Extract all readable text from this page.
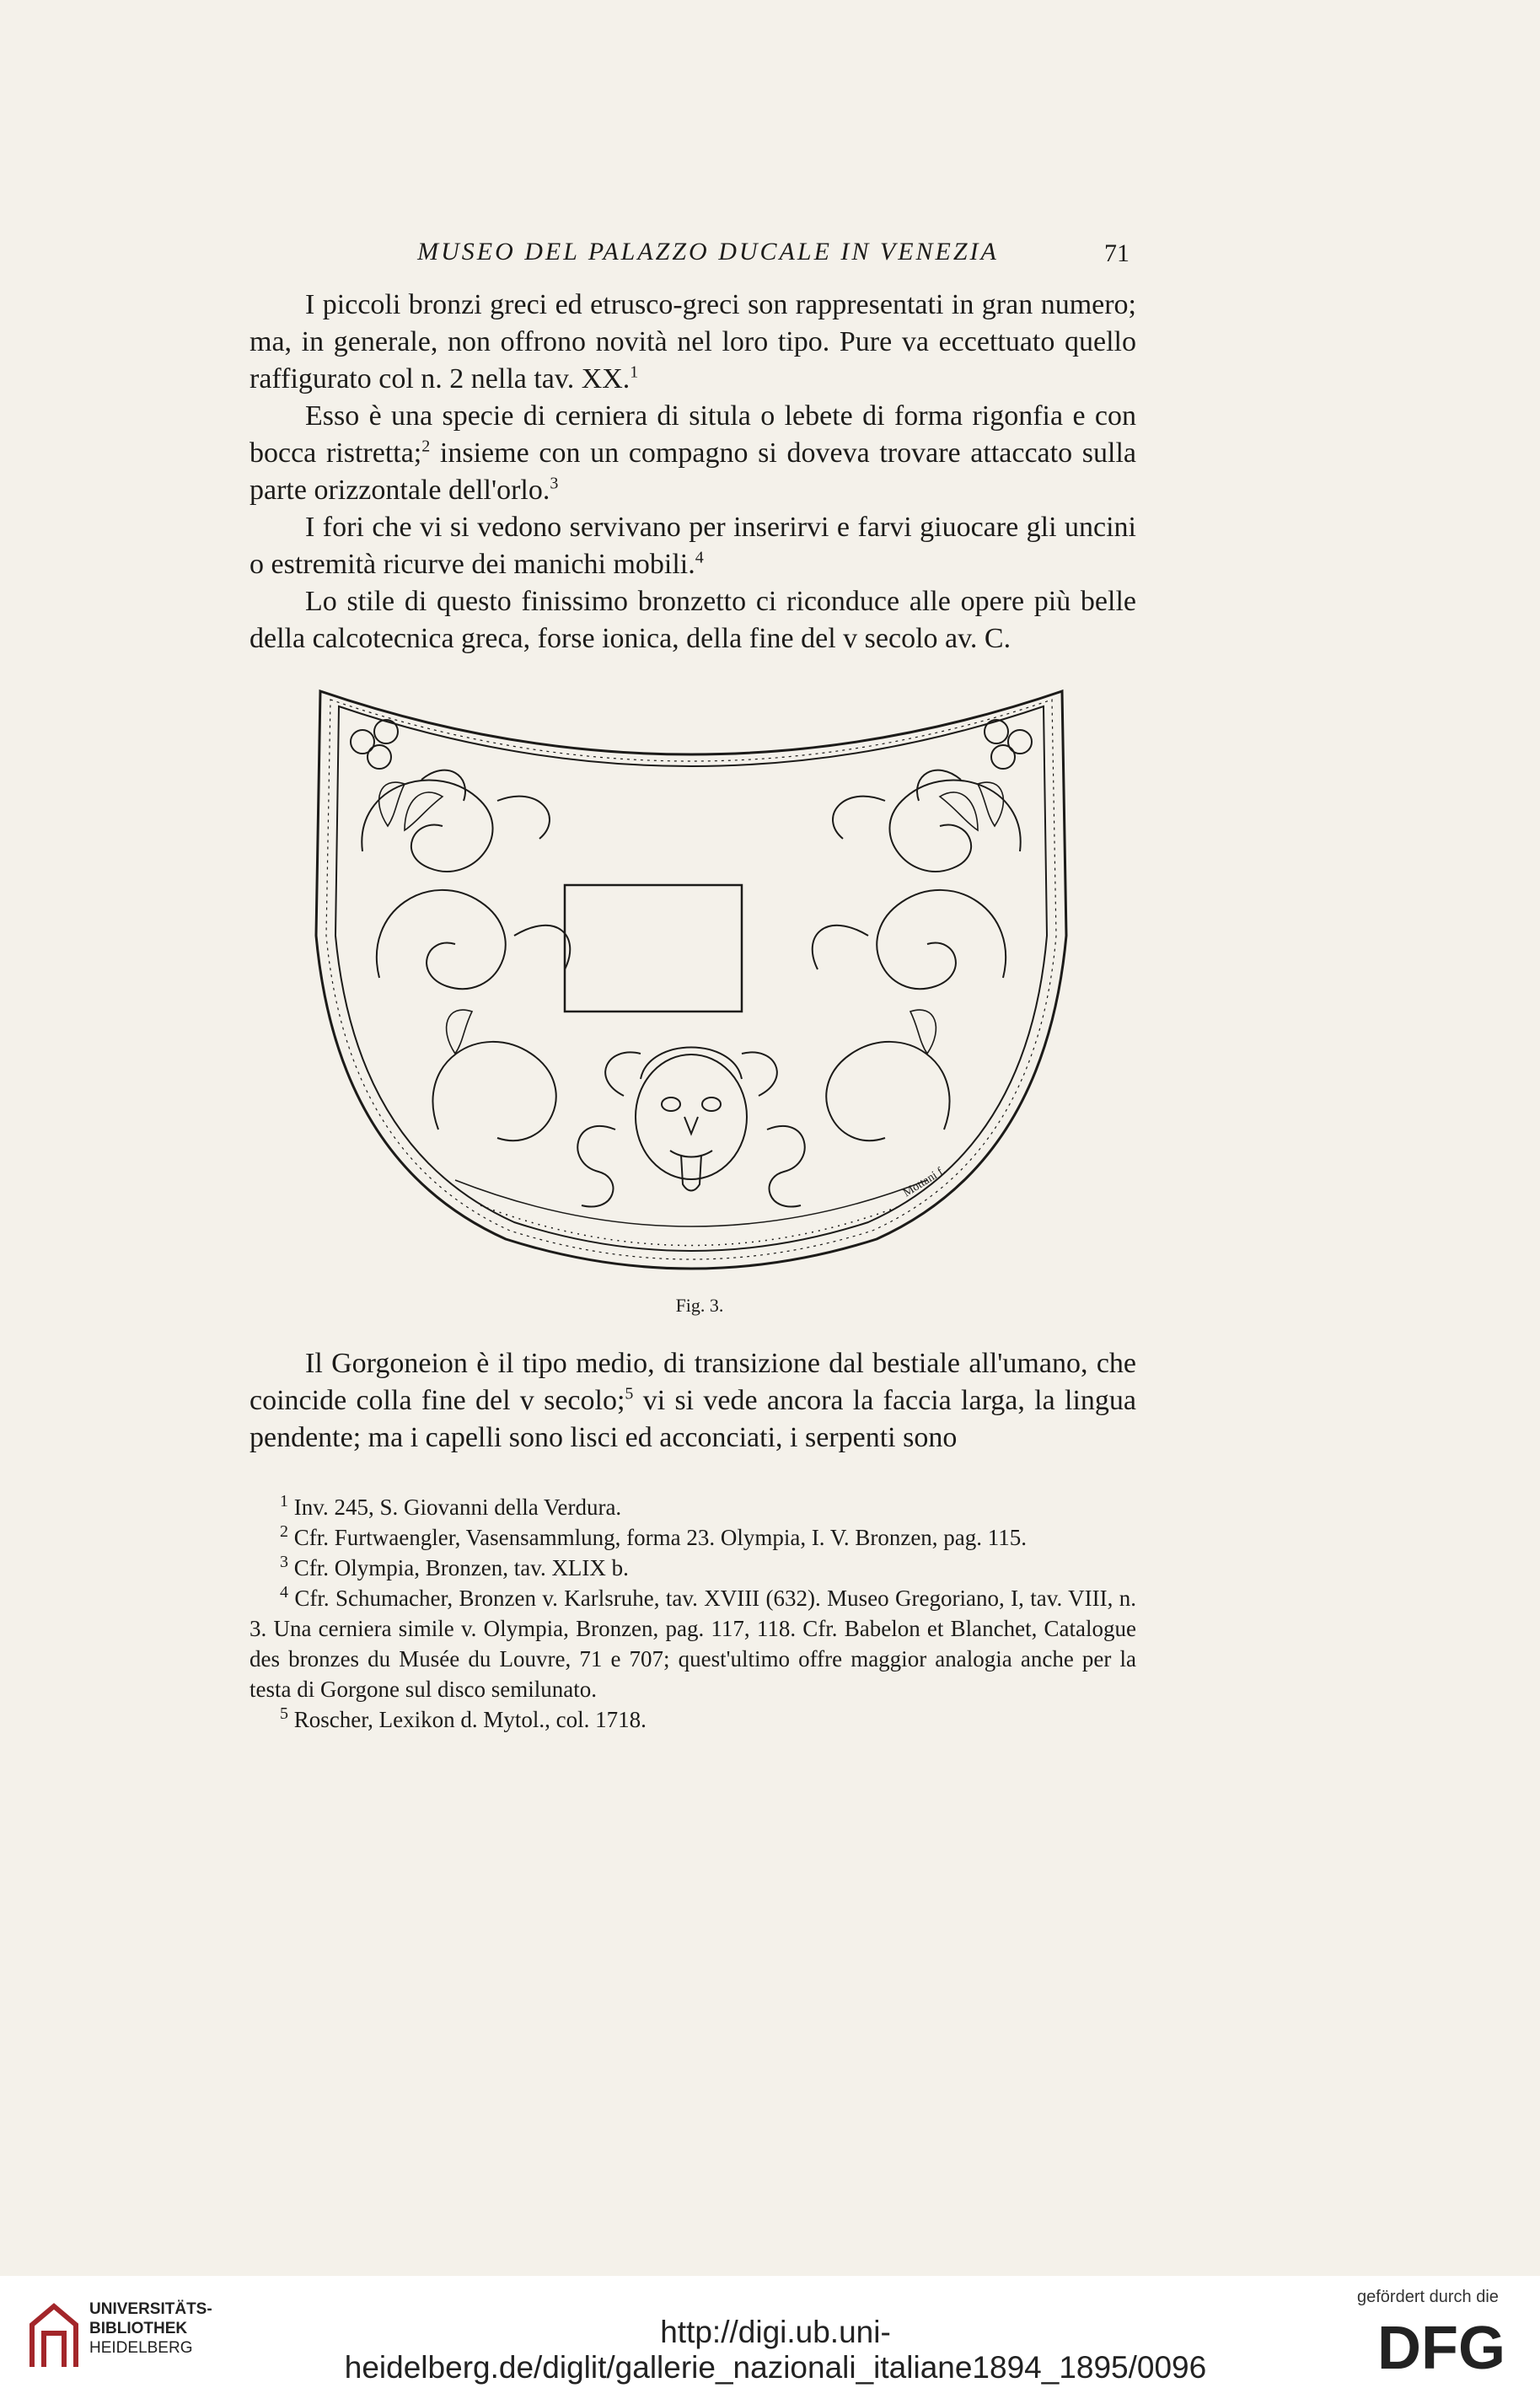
MUSEO DEL PALAZZO DUCALE IN VENEZIA	71

I piccoli bronzi greci ed etrusco-greci son rappresentati in gran numero; ma, in generale, non offrono novità nel loro tipo. Pure va eccettuato quello raffigurato col n. 2 nella tav. XX.$^1$

Esso è una specie di cerniera di situla o lebete di forma rigonfia e con bocca ristretta;$^2$ insieme con un compagno si doveva trovare attaccato sulla parte orizzontale dell'orlo.$^3$

I fori che vi si vedono servivano per inserirvi e farvi giuocare gli uncini o estremità ricurve dei manichi mobili.$^4$

Lo stile di questo finissimo bronzetto ci riconduce alle opere più belle della calcotecnica greca, forse ionica, della fine del v secolo av. C.

Mottani f.
Fig. 3.

Il Gorgoneion è il tipo medio, di transizione dal bestiale all'umano, che coincide colla fine del v secolo;$^5$ vi si vede ancora la faccia larga, la lingua pendente; ma i capelli sono lisci ed acconciati, i serpenti sono

$^1$ Inv. 245, S. Giovanni della Verdura.

$^2$ Cfr. Furtwaengler, Vasensammlung, forma 23. Olympia, I. V. Bronzen, pag. 115.

$^3$ Cfr. Olympia, Bronzen, tav. XLIX b.

$^4$ Cfr. Schumacher, Bronzen v. Karlsruhe, tav. XVIII (632). Museo Gregoriano, I, tav. VIII, n. 3. Una cerniera simile v. Olympia, Bronzen, pag. 117, 118. Cfr. Babelon et Blanchet, Catalogue des bronzes du Musée du Louvre, 71 e 707; quest'ultimo offre maggior analogia anche per la testa di Gorgone sul disco semilunato.

$^5$ Roscher, Lexikon d. Mytol., col. 1718.

UNIVERSITÄTS-
BIBLIOTHEK
HEIDELBERG	http://digi.ub.uni-heidelberg.de/diglit/gallerie_nazionali_italiane1894_1895/0096
gefördert durch die
DFG
